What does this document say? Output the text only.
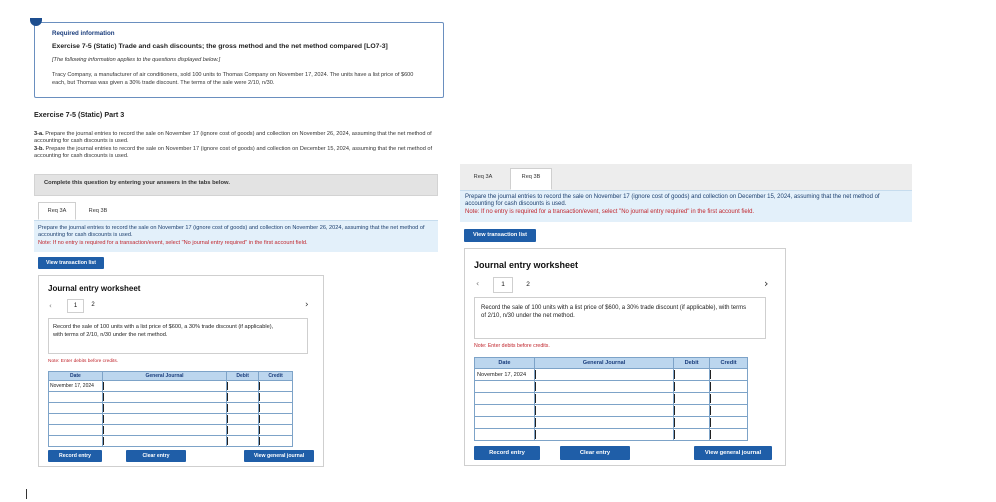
Required information
Exercise 7-5 (Static) Trade and cash discounts; the gross method and the net method compared [LO7-3]
[The following information applies to the questions displayed below.]
Tracy Company, a manufacturer of air conditioners, sold 100 units to Thomas Company on November 17, 2024. The units have a list price of $600 each, but Thomas was given a 30% trade discount. The terms of the sale were 2/10, n/30.
Exercise 7-5 (Static) Part 3
3-a. Prepare the journal entries to record the sale on November 17 (ignore cost of goods) and collection on November 26, 2024, assuming that the net method of accounting for cash discounts is used.
3-b. Prepare the journal entries to record the sale on November 17 (ignore cost of goods) and collection on December 15, 2024, assuming that the net method of accounting for cash discounts is used.
Complete this question by entering your answers in the tabs below.
Req 3A	Req 3B
Prepare the journal entries to record the sale on November 17 (ignore cost of goods) and collection on November 26, 2024, assuming that the net method of accounting for cash discounts is used.
Note: If no entry is required for a transaction/event, select "No journal entry required" in the first account field.
View transaction list
Journal entry worksheet
‹	1	2	›
Record the sale of 100 units with a list price of $600, a 30% trade discount (if applicable), with terms of 2/10, n/30 under the net method.
Note: Enter debits before credits.
Date	General Journal	Debit	Credit
November 17, 2024	

Record entry	Clear entry	View general journal
Req 3A	Req 3B
Prepare the journal entries to record the sale on November 17 (ignore cost of goods) and collection on December 15, 2024, assuming that the net method of accounting for cash discounts is used.
Note: If no entry is required for a transaction/event, select "No journal entry required" in the first account field.
View transaction list
Journal entry worksheet
‹	1	2	›
Record the sale of 100 units with a list price of $600, a 30% trade discount (if applicable), with terms of 2/10, n/30 under the net method.
Note: Enter debits before credits.
Date	General Journal	Debit	Credit
November 17, 2024	

Record entry	Clear entry	View general journal
